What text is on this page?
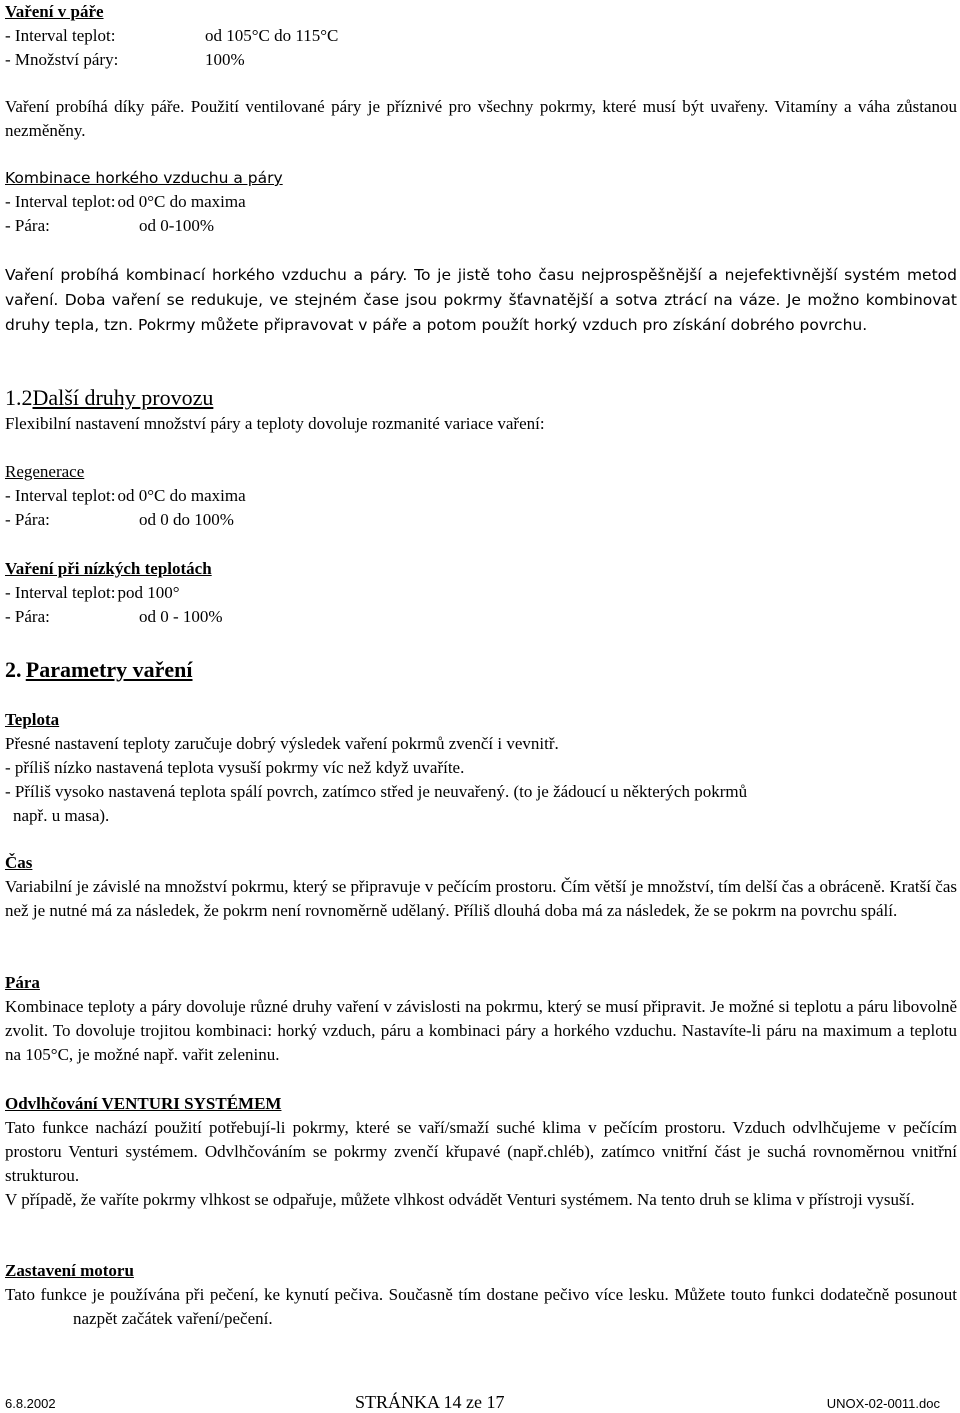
Vaření v páře
- Interval teplot:	od 105°C do 115°C
- Množství páry:	100%
Vaření probíhá díky páře. Použití ventilované páry je příznivé pro všechny pokrmy, které musí být uvařeny. Vitamíny a váha zůstanou nezměněny.
Kombinace horkého vzduchu a páry
- Interval teplot: od 0°C do maxima
- Pára:	od 0-100%
Vaření probíhá kombinací horkého vzduchu a páry. To je jistě toho času nejprospěšnější a nejefektivnější systém metod vaření. Doba vaření se redukuje, ve stejném čase jsou pokrmy šťavnatější a sotva ztrácí na váze. Je možno kombinovat druhy tepla, tzn. Pokrmy můžete připravovat v páře a potom použít horký vzduch pro získání dobrého povrchu.
1.2Další druhy provozu
Flexibilní nastavení množství páry a teploty dovoluje rozmanité variace vaření:
Regenerace
- Interval teplot: od 0°C do maxima
- Pára:	od 0 do 100%
Vaření při nízkých teplotách
- Interval teplot: pod 100°
- Pára:	od 0 - 100%
2. Parametry vaření
Teplota
Přesné nastavení teploty zaručuje dobrý výsledek vaření pokrmů zvenčí i vevnitř.
- příliš nízko nastavená teplota vysuší pokrmy víc než když uvaříte.
- Příliš vysoko nastavená teplota spálí povrch, zatímco střed je neuvařený. (to je žádoucí u některých pokrmů
např. u masa).
Čas
Variabilní je závislé na množství pokrmu, který se připravuje v pečícím prostoru. Čím větší je množství, tím delší čas a obráceně. Kratší čas než je nutné má za následek, že pokrm není rovnoměrně udělaný. Příliš dlouhá doba má za následek, že se pokrm na povrchu spálí.
Pára
Kombinace teploty a páry dovoluje různé druhy vaření v závislosti na pokrmu, který se musí připravit. Je možné si teplotu a páru libovolně zvolit. To dovoluje trojitou kombinaci: horký vzduch, páru a kombinaci páry a horkého vzduchu. Nastavíte-li páru na maximum a teplotu na 105°C, je možné např. vařit zeleninu.
Odvlhčování VENTURI SYSTÉMEM
Tato funkce nachází použití potřebují-li pokrmy, které se vaří/smaží suché klima v pečícím prostoru. Vzduch odvlhčujeme v pečícím prostoru Venturi systémem. Odvlhčováním se pokrmy zvenčí křupavé (např.chléb), zatímco vnitřní část je suchá rovnoměrnou vnitřní strukturou.
V případě, že vaříte pokrmy vlhkost se odpařuje, můžete vlhkost odvádět Venturi systémem. Na tento druh se klima v přístroji vysuší.
Zastavení motoru
Tato funkce je používána při pečení, ke kynutí pečiva. Současně tím dostane pečivo více lesku. Můžete touto funkci dodatečně posunout nazpět začátek vaření/pečení.
6.8.2002	STRÁNKA 14 ze 17	UNOX-02-0011.doc
